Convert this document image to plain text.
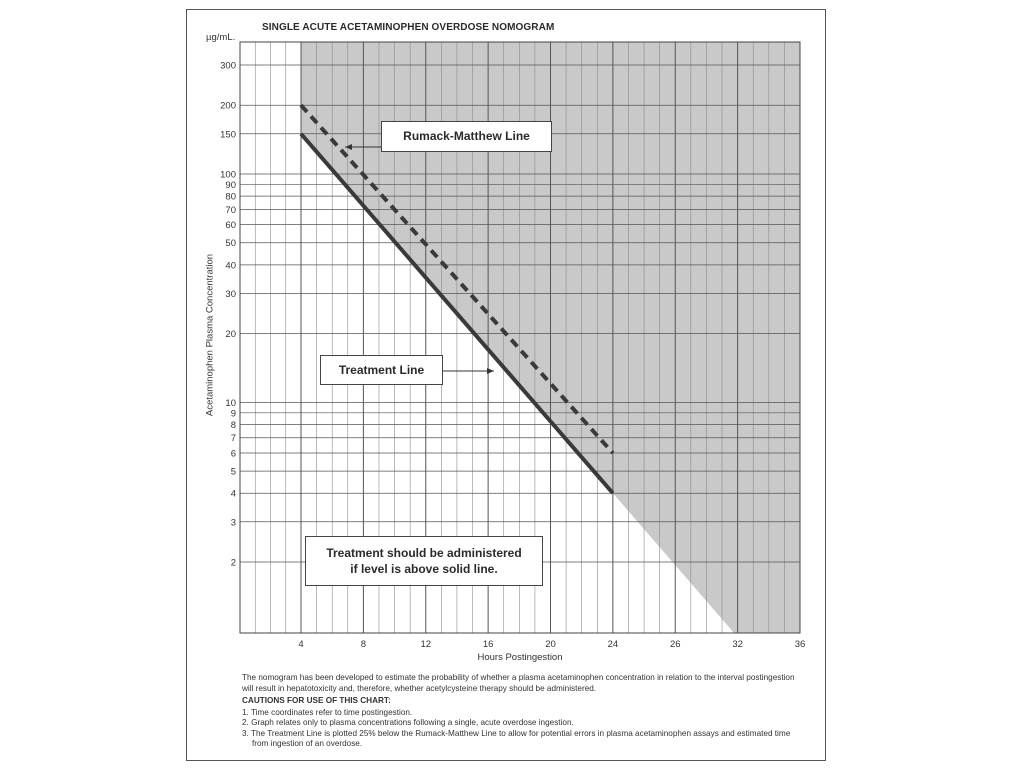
2
3
4
5
6
7
8
9
10
20
30
40
50
60
70
80
90
100
150
200
300
4	8	12	16	20	24	26	32	36
SINGLE ACUTE ACETAMINOPHEN OVERDOSE NOMOGRAM
µg/mL.
Acetaminophen Plasma Concentration
Hours Postingestion
Rumack-Matthew Line
Treatment Line
Treatment should be administered
if level is above solid line.

The nomogram has been developed to estimate the probability of whether a plasma acetaminophen concentration in relation to the interval postingestion will result in hepatotoxicity and, therefore, whether acetylcysteine therapy should be administered.

CAUTIONS FOR USE OF THIS CHART:

1. Time coordinates refer to time postingestion.
2. Graph relates only to plasma concentrations following a single, acute overdose ingestion.
3. The Treatment Line is plotted 25% below the Rumack-Matthew Line to allow for potential errors in plasma acetaminophen assays and estimated time from ingestion of an overdose.
